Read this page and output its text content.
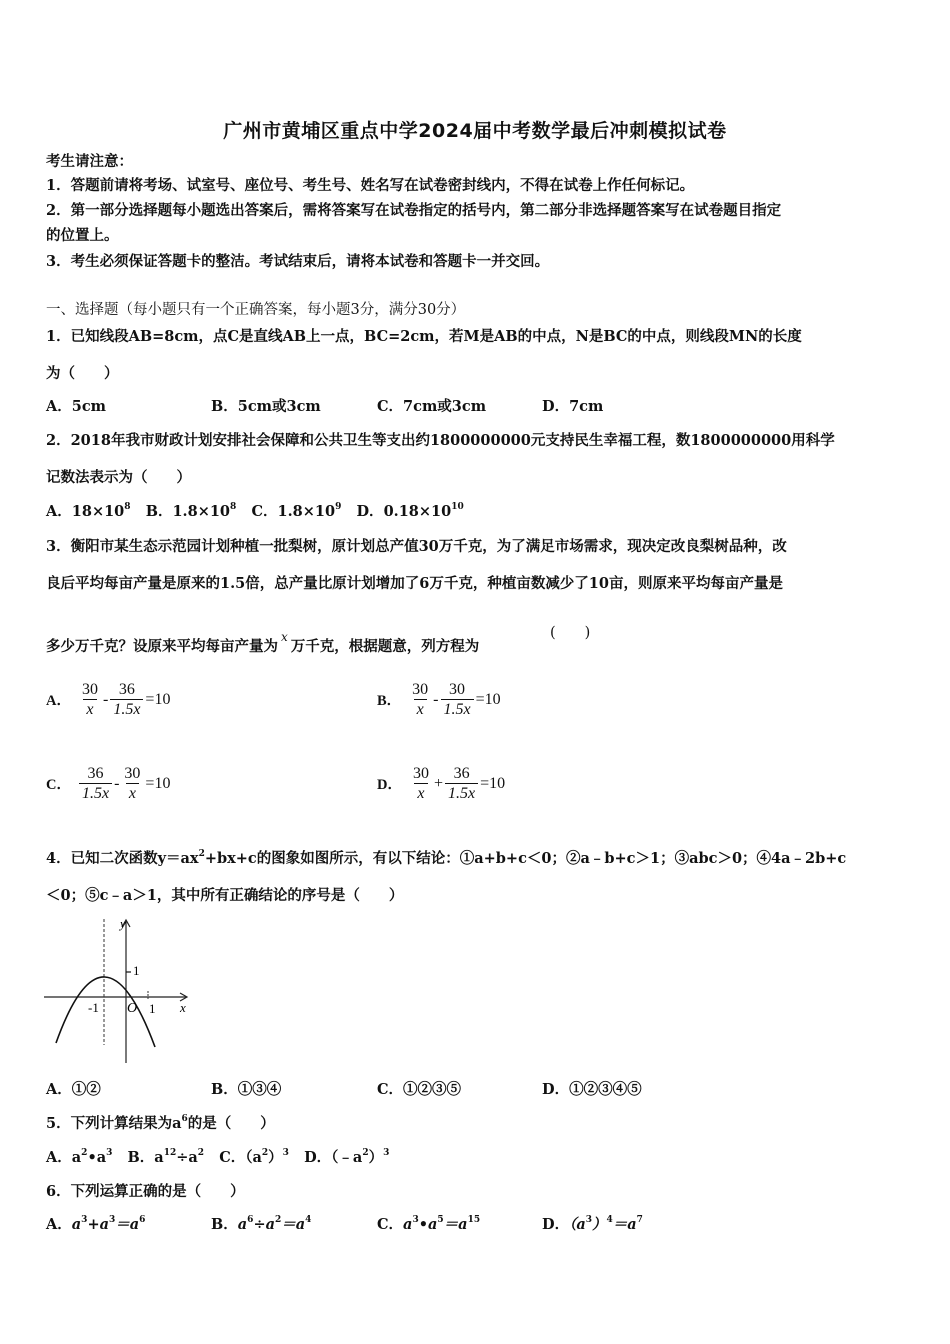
广州市黄埔区重点中学2024届中考数学最后冲刺模拟试卷
考生请注意：
1．答题前请将考场、试室号、座位号、考生号、姓名写在试卷密封线内，不得在试卷上作任何标记。
2．第一部分选择题每小题选出答案后，需将答案写在试卷指定的括号内，第二部分非选择题答案写在试卷题目指定
的位置上。
3．考生必须保证答题卡的整洁。考试结束后，请将本试卷和答题卡一并交回。
一、选择题（每小题只有一个正确答案，每小题3分，满分30分）
1．已知线段AB=8cm，点C是直线AB上一点，BC=2cm，若M是AB的中点，N是BC的中点，则线段MN的长度
为（　　）
A．5cm	B．5cm或3cm	C．7cm或3cm	D．7cm
2．2018年我市财政计划安排社会保障和公共卫生等支出约1800000000元支持民生幸福工程，数1800000000用科学
记数法表示为（　　）
A．$18\times 10^8$ B．$1.8\times 10^8$ C．$1.8\times 10^9$ D．$0.18\times 10^{10}$
3．衡阳市某生态示范园计划种植一批梨树，原计划总产值30万千克，为了满足市场需求，现决定改良梨树品种，改
良后平均每亩产量是原来的1.5倍，总产量比原计划增加了6万千克，种植亩数减少了10亩，则原来平均每亩产量是
多少万千克？设原来平均每亩产量为$^x$万千克，根据题意，列方程为
(　　)
A． $\frac{30}{x} - \frac{36}{1.5x} =10$	B． $\frac{30}{x} - \frac{30}{1.5x} =10$
C． $\frac{36}{1.5x} - \frac{30}{x} =10$	D． $\frac{30}{x} + \frac{36}{1.5x} =10$
4．已知二次函数$y=ax^2+bx+c$的图象如图所示，有以下结论：①a+b+c＜0；②a﹣b+c＞1；③abc＞0；④4a﹣2b+c
＜0；⑤c﹣a＞1，其中所有正确结论的序号是（　　）
y
x
1
-1 O 1
A．①②	B．①③④	C．①②③⑤	D．①②③④⑤
5．下列计算结果为$a^6$的是（　　）
A．$a^2•a^3$ B．$a^{12}\div a^2$ C．$(a^2)^3$ D．$(﹣a^2)^3$
6．下列运算正确的是（　　）
A．$a^3+a^3=a^6$	B．$a^6\div a^2=a^4$	C．$a^3•a^5=a^{15}$	D．$(a^3)^4=a^7$
